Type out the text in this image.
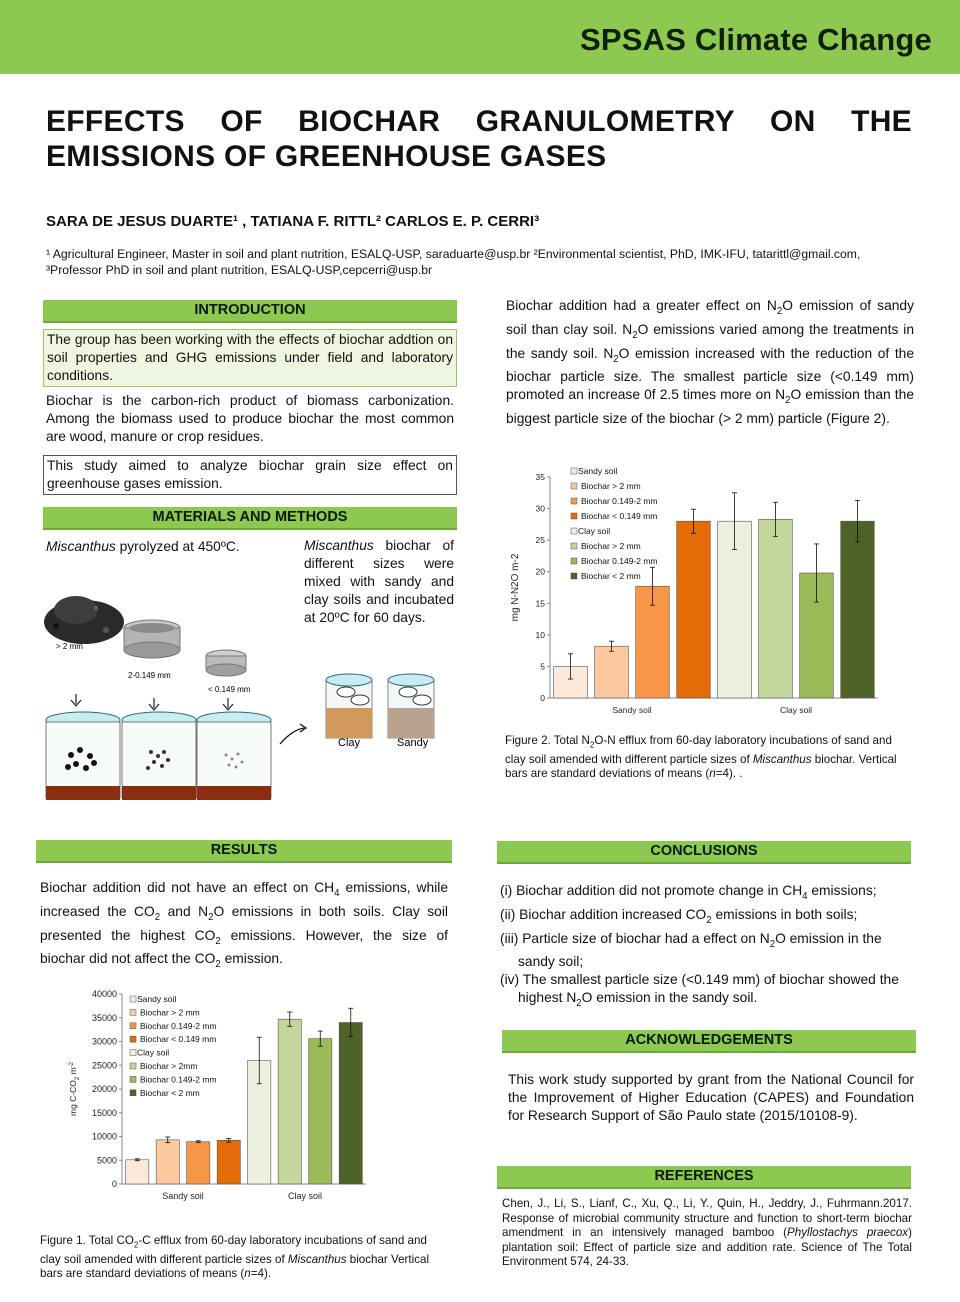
SPSAS Climate Change
EFFECTS OF BIOCHAR GRANULOMETRY ON THE EMISSIONS OF GREENHOUSE GASES
SARA DE JESUS DUARTE¹ , TATIANA F. RITTL² CARLOS E. P. CERRI³
¹ Agricultural Engineer, Master in soil and plant nutrition, ESALQ-USP, saraduarte@usp.br ²Environmental scientist, PhD, IMK-IFU, tatarittl@gmail.com, ³Professor PhD in soil and plant nutrition, ESALQ-USP,cepcerri@usp.br
INTRODUCTION
The group has been working with the effects of biochar addtion on soil properties and GHG emissions under field and laboratory conditions.
Biochar is the carbon-rich product of biomass carbonization. Among the biomass used to produce biochar the most common are wood, manure or crop residues.
This study aimed to analyze biochar grain size effect on greenhouse gases emission.
MATERIALS AND METHODS
Miscanthus pyrolyzed at 450ºC.	Miscanthus biochar of different sizes were mixed with sandy and clay soils and incubated at 20ºC for 60 days.
> 2 mm
2-0.149 mm
< 0.149 mm
Clay	Sandy
Biochar addition had a greater effect on $N_2O$ emission of sandy soil than clay soil. $N_2O$ emissions varied among the treatments in the sandy soil. $N_2O$ emission increased with the reduction of the biochar particle size. The smallest particle size (<0.149 mm) promoted an increase 0f 2.5 times more on $N_2O$ emission than the biggest particle size of the biochar (> 2 mm) particle (Figure 2).
0
5
10
15
20
25
30
35
mg N-N2O m-2
Sandy soil	Clay soil
Sandy soil
Biochar > 2 mm
Biochar 0.149-2 mm
Biochar < 0.149 mm
Clay soil
Biochar > 2 mm
Biochar 0.149-2 mm
Biochar < 2 mm
Figure 2. Total $N_2O-N$ efflux from 60-day laboratory incubations of sand and clay soil amended with different particle sizes of Miscanthus biochar. Vertical bars are standard deviations of means (n=4). .
RESULTS
Biochar addition did not have an effect on $CH_4$ emissions, while increased the $CO_2$ and $N_2O$ emissions in both soils. Clay soil presented the highest $CO_2$ emissions. However, the size of biochar did not affect the $CO_2$ emission.
0
5000
10000
15000
20000
25000
30000
35000
40000
mg $C-CO_2$ $m^{-2}$
Sandy soil	Clay soil
Sandy soil
Biochar > 2 mm
Biochar 0.149-2 mm
Biochar < 0.149 mm
Clay soil
Biochar > 2mm
Biochar 0.149-2 mm
Biochar < 2 mm
Figure 1. Total $CO_2-C$ efflux from 60-day laboratory incubations of sand and clay soil amended with different particle sizes of Miscanthus biochar Vertical bars are standard deviations of means (n=4).
CONCLUSIONS
(i) Biochar addition did not promote change in $CH_4$ emissions;
(ii) Biochar addition increased $CO_2$ emissions in both soils;
(iii) Particle size of biochar had a effect on $N_2O$ emission in the sandy soil;
(iv) The smallest particle size (<0.149 mm) of biochar showed the highest $N_2O$ emission in the sandy soil.
ACKNOWLEDGEMENTS
This work study supported by grant from the National Council for the Improvement of Higher Education (CAPES) and Foundation for Research Support of São Paulo state (2015/10108-9).
REFERENCES
Chen, J., Li, S., Lianf, C., Xu, Q., Li, Y., Quin, H., Jeddry, J., Fuhrmann.2017. Response of microbial community structure and function to short-term biochar amendment in an intensively managed bamboo (Phyllostachys praecox) plantation soil: Effect of particle size and addition rate. Science of The Total Environment 574, 24-33.
